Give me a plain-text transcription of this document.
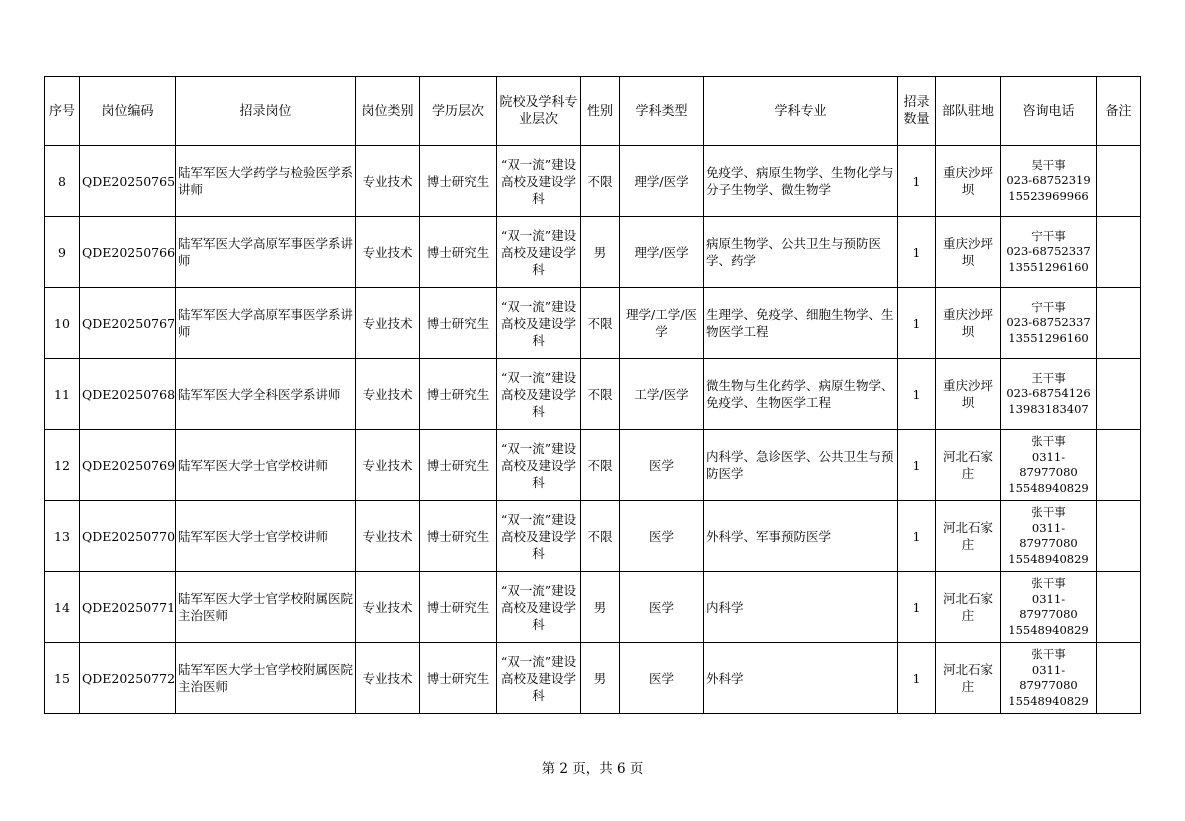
序号	岗位编码	招录岗位	岗位类别	学历层次	院校及学科专业层次	性别	学科类型	学科专业	招录数量	部队驻地	咨询电话	备注
8	QDE20250765	陆军军医大学药学与检验医学系讲师	专业技术	博士研究生	“双一流”建设高校及建设学科	不限	理学/医学	免疫学、病原生物学、生物化学与分子生物学、微生物学	1	重庆沙坪坝	吴干事
023-68752319
15523969966	

9	QDE20250766	陆军军医大学高原军事医学系讲师	专业技术	博士研究生	“双一流”建设高校及建设学科	男	理学/医学	病原生物学、公共卫生与预防医学、药学	1	重庆沙坪坝	宁干事
023-68752337
13551296160	

10	QDE20250767	陆军军医大学高原军事医学系讲师	专业技术	博士研究生	“双一流”建设高校及建设学科	不限	理学/工学/医学	生理学、免疫学、细胞生物学、生物医学工程	1	重庆沙坪坝	宁干事
023-68752337
13551296160	

11	QDE20250768	陆军军医大学全科医学系讲师	专业技术	博士研究生	“双一流”建设高校及建设学科	不限	工学/医学	微生物与生化药学、病原生物学、免疫学、生物医学工程	1	重庆沙坪坝	王干事
023-68754126
13983183407	

12	QDE20250769	陆军军医大学士官学校讲师	专业技术	博士研究生	“双一流”建设高校及建设学科	不限	医学	内科学、急诊医学、公共卫生与预防医学	1	河北石家庄	张干事
0311-87977080
15548940829	

13	QDE20250770	陆军军医大学士官学校讲师	专业技术	博士研究生	“双一流”建设高校及建设学科	不限	医学	外科学、军事预防医学	1	河北石家庄	张干事
0311-87977080
15548940829	

14	QDE20250771	陆军军医大学士官学校附属医院主治医师	专业技术	博士研究生	“双一流”建设高校及建设学科	男	医学	内科学	1	河北石家庄	张干事
0311-87977080
15548940829	

15	QDE20250772	陆军军医大学士官学校附属医院主治医师	专业技术	博士研究生	“双一流”建设高校及建设学科	男	医学	外科学	1	河北石家庄	张干事
0311-87977080
15548940829	

第 2 页，共 6 页
